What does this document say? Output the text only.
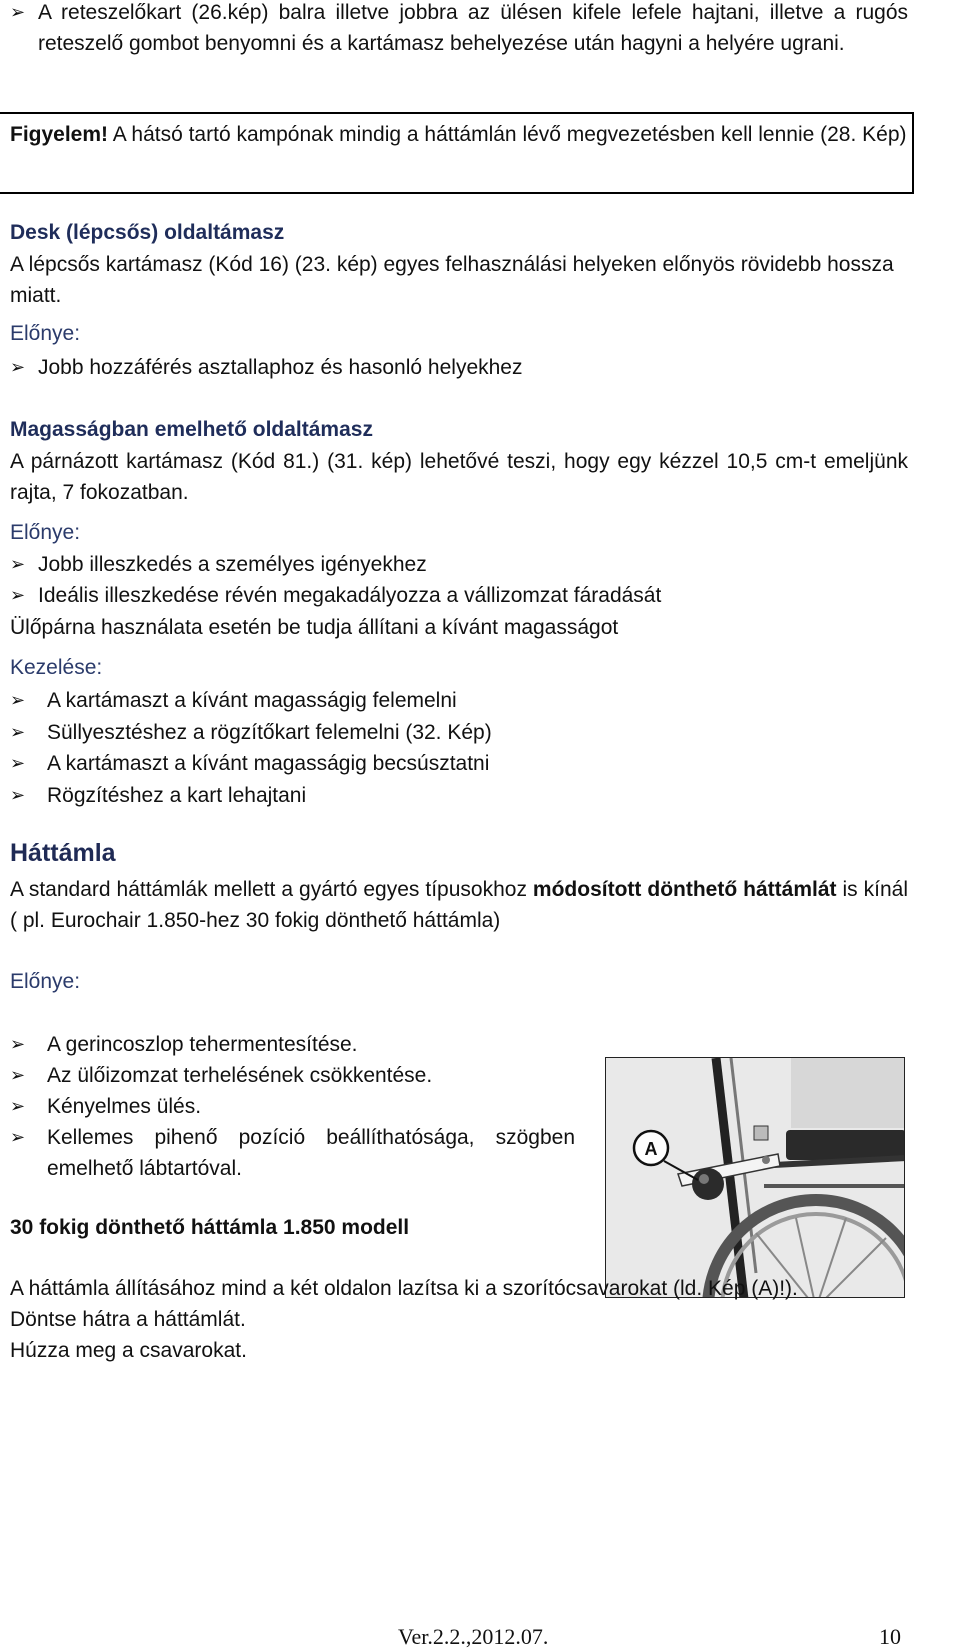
➢ A reteszelőkart (26.kép) balra illetve jobbra az ülésen kifele lefele hajtani, illetve a rugós reteszelő gombot benyomni és a kartámasz behelyezése után hagyni a helyére ugrani.
Figyelem! A hátsó tartó kampónak mindig a háttámlán lévő megvezetésben kell lennie (28. Kép)
Desk (lépcsős) oldaltámasz
A lépcsős kartámasz (Kód 16) (23. kép) egyes felhasználási helyeken előnyös rövidebb hossza miatt.
Előnye:
➢ Jobb hozzáférés asztallaphoz és hasonló helyekhez
Magasságban emelhető oldaltámasz
A párnázott kartámasz (Kód 81.) (31. kép) lehetővé teszi, hogy egy kézzel 10,5 cm-t emeljünk rajta, 7 fokozatban.
Előnye:
➢ Jobb illeszkedés a személyes igényekhez
➢ Ideális illeszkedése révén megakadályozza a vállizomzat fáradását
Ülőpárna használata esetén be tudja állítani a kívánt magasságot
Kezelése:
➢	A kartámaszt a kívánt magasságig felemelni
➢	Süllyesztéshez a rögzítőkart felemelni (32. Kép)
➢	A kartámaszt a kívánt magasságig becsúsztatni
➢	Rögzítéshez a kart lehajtani
Háttámla
A standard háttámlák mellett a gyártó egyes típusokhoz módosított dönthető háttámlát is kínál ( pl. Eurochair 1.850-hez 30 fokig dönthető háttámla)
Előnye:
➢	A gerincoszlop tehermentesítése.
➢	Az ülőizomzat terhelésének csökkentése.
➢	Kényelmes ülés.
➢	Kellemes pihenő pozíció beállíthatósága, szögben emelhető lábtartóval.
A
30 fokig dönthető háttámla 1.850 modell
A háttámla állításához mind a két oldalon lazítsa ki a szorítócsavarokat (ld. Kép (A)!).
Döntse hátra a háttámlát.
Húzza meg a csavarokat.
Ver.2.2.,2012.07.	10
